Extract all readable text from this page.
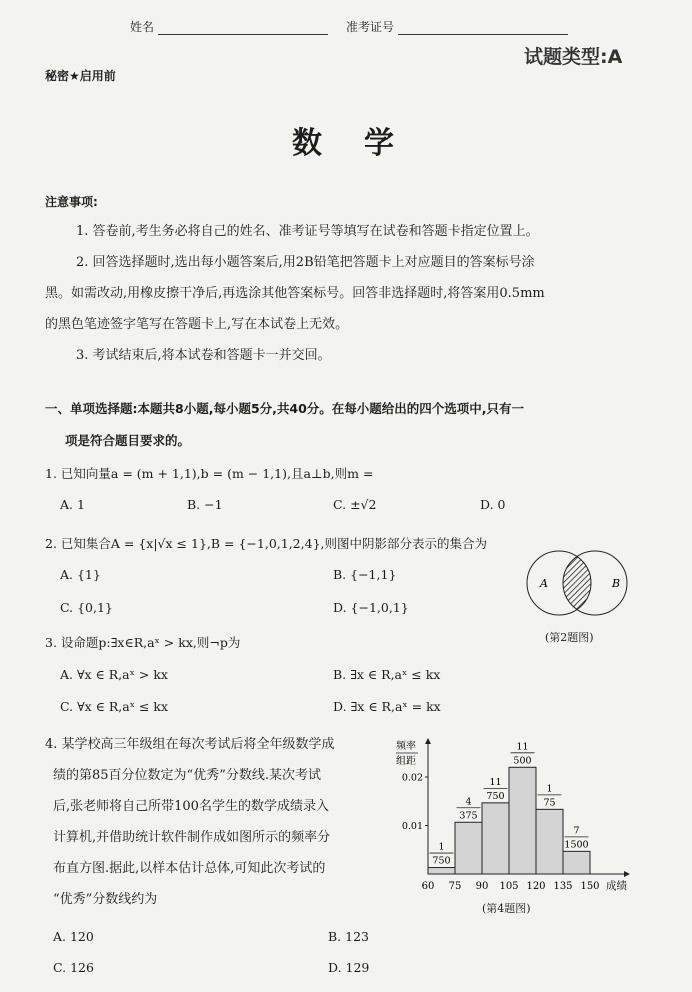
姓名	准考证号
试题类型:A
秘密★启用前
数　学
注意事项:
1. 答卷前,考生务必将自己的姓名、准考证号等填写在试卷和答题卡指定位置上。
2. 回答选择题时,选出每小题答案后,用2B铅笔把答题卡上对应题目的答案标号涂
黑。如需改动,用橡皮擦干净后,再选涂其他答案标号。回答非选择题时,将答案用0.5mm
的黑色笔迹签字笔写在答题卡上,写在本试卷上无效。
3. 考试结束后,将本试卷和答题卡一并交回。
一、单项选择题:本题共8小题,每小题5分,共40分。在每小题给出的四个选项中,只有一
项是符合题目要求的。
1. 已知向量a = (m + 1,1),b = (m − 1,1),且a⊥b,则m =
A. 1	B. −1	C. ±√2	D. 0
2. 已知集合A = {x|√x ≤ 1},B = {−1,0,1,2,4},则图中阴影部分表示的集合为
A. {1}	B. {−1,1}
C. {0,1}	D. {−1,0,1}
A	B
(第2题图)
3. 设命题p:∃x∈R,aˣ > kx,则¬p为
A. ∀x ∈ R,aˣ > kx	B. ∃x ∈ R,aˣ ≤ kx
C. ∀x ∈ R,aˣ ≤ kx	D. ∃x ∈ R,aˣ = kx
4. 某学校高三年级组在每次考试后将全年级数学成
绩的第85百分位数定为“优秀”分数线.某次考试
后,张老师将自己所带100名学生的数学成绩录入
计算机,并借助统计软件制作成如图所示的频率分
布直方图.据此,以样本估计总体,可知此次考试的
“优秀”分数线约为
A. 120	B. 123
C. 126	D. 129
频率
组距
0.01
0.02
1
750
4
375
11
750
11
500
1
75
7
1500
60 75 90 105 120 135 150 成绩
(第4题图)
